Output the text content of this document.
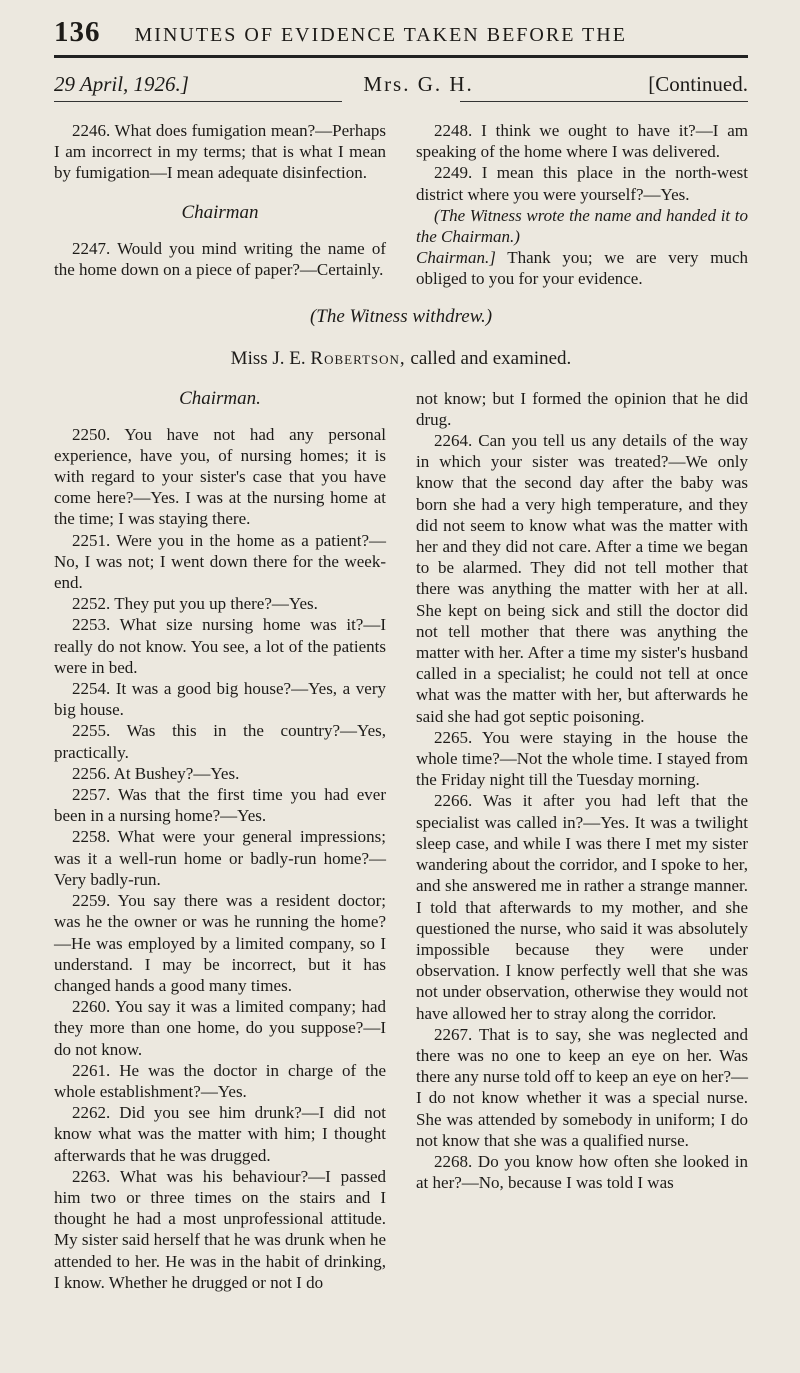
136 MINUTES OF EVIDENCE TAKEN BEFORE THE
29 April, 1926.]	Mrs. G. H.	[Continued.

2246. What does fumigation mean?—Perhaps I am incorrect in my terms; that is what I mean by fumigation—I mean adequate disinfection.

Chairman

2247. Would you mind writing the name of the home down on a piece of paper?—Certainly.

2248. I think we ought to have it?—I am speaking of the home where I was delivered.

2249. I mean this place in the north-west district where you were yourself?—Yes.

(The Witness wrote the name and handed it to the Chairman.)
Chairman.] Thank you; we are very much obliged to you for your evidence.

(The Witness withdrew.)
Miss J. E. Robertson, called and examined.
Chairman.

2250. You have not had any personal experience, have you, of nursing homes; it is with regard to your sister's case that you have come here?—Yes. I was at the nursing home at the time; I was staying there.

2251. Were you in the home as a patient?—No, I was not; I went down there for the week-end.

2252. They put you up there?—Yes.

2253. What size nursing home was it?—I really do not know. You see, a lot of the patients were in bed.

2254. It was a good big house?—Yes, a very big house.

2255. Was this in the country?—Yes, practically.

2256. At Bushey?—Yes.

2257. Was that the first time you had ever been in a nursing home?—Yes.

2258. What were your general impressions; was it a well-run home or badly-run home?—Very badly-run.

2259. You say there was a resident doctor; was he the owner or was he running the home?—He was employed by a limited company, so I understand. I may be incorrect, but it has changed hands a good many times.

2260. You say it was a limited company; had they more than one home, do you suppose?—I do not know.

2261. He was the doctor in charge of the whole establishment?—Yes.

2262. Did you see him drunk?—I did not know what was the matter with him; I thought afterwards that he was drugged.

2263. What was his behaviour?—I passed him two or three times on the stairs and I thought he had a most unprofessional attitude. My sister said herself that he was drunk when he attended to her. He was in the habit of drinking, I know. Whether he drugged or not I do

not know; but I formed the opinion that he did drug.

2264. Can you tell us any details of the way in which your sister was treated?—We only know that the second day after the baby was born she had a very high temperature, and they did not seem to know what was the matter with her and they did not care. After a time we began to be alarmed. They did not tell mother that there was anything the matter with her at all. She kept on being sick and still the doctor did not tell mother that there was anything the matter with her. After a time my sister's husband called in a specialist; he could not tell at once what was the matter with her, but afterwards he said she had got septic poisoning.

2265. You were staying in the house the whole time?—Not the whole time. I stayed from the Friday night till the Tuesday morning.

2266. Was it after you had left that the specialist was called in?—Yes. It was a twilight sleep case, and while I was there I met my sister wandering about the corridor, and I spoke to her, and she answered me in rather a strange manner. I told that afterwards to my mother, and she questioned the nurse, who said it was absolutely impossible because they were under observation. I know perfectly well that she was not under observation, otherwise they would not have allowed her to stray along the corridor.

2267. That is to say, she was neglected and there was no one to keep an eye on her. Was there any nurse told off to keep an eye on her?—I do not know whether it was a special nurse. She was attended by somebody in uniform; I do not know that she was a qualified nurse.

2268. Do you know how often she looked in at her?—No, because I was told I was
